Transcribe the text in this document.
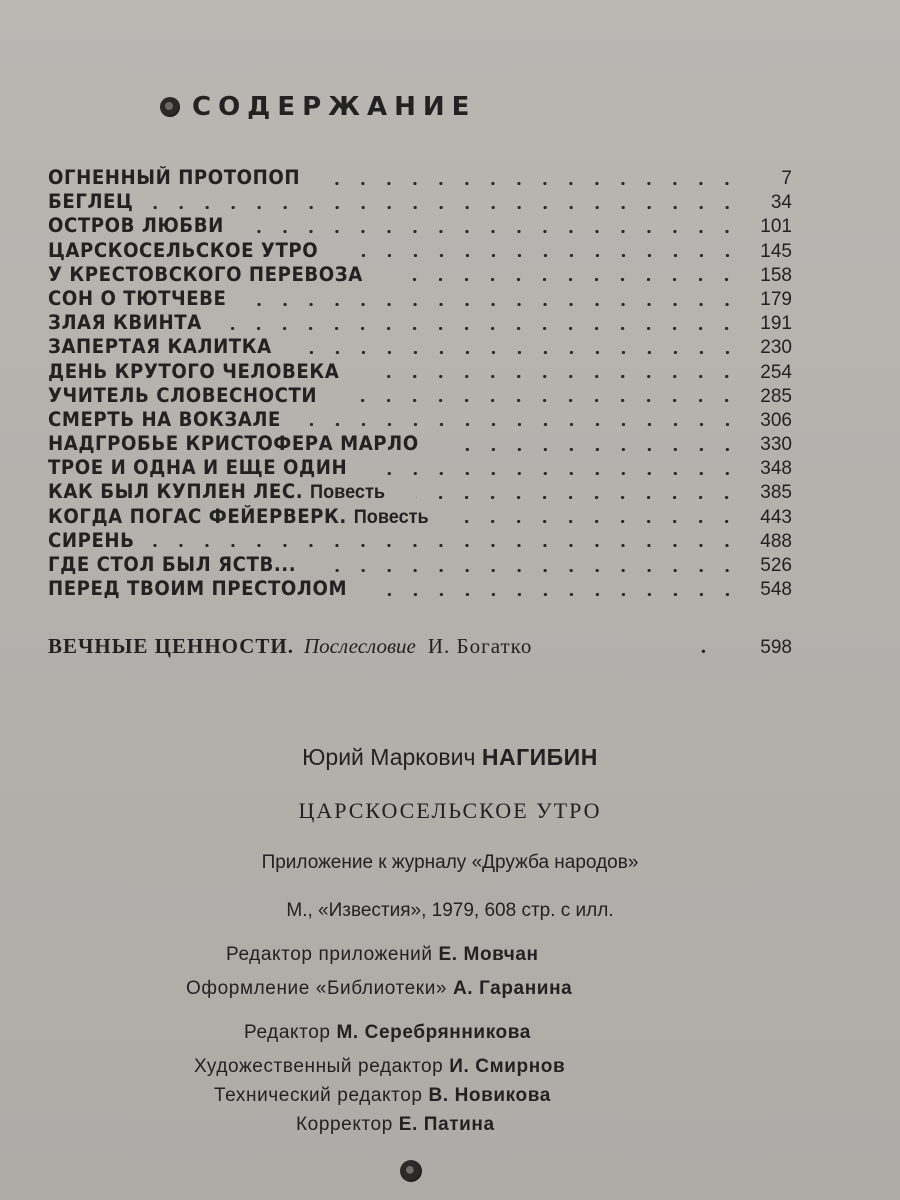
СОДЕРЖАНИЕ
ОГНЕННЫЙ ПРОТОПОП	7
БЕГЛЕЦ	34
ОСТРОВ ЛЮБВИ	101
ЦАРСКОСЕЛЬСКОЕ УТРО	145
У КРЕСТОВСКОГО ПЕРЕВОЗА	158
СОН О ТЮТЧЕВЕ	179
ЗЛАЯ КВИНТА	191
ЗАПЕРТАЯ КАЛИТКА	230
ДЕНЬ КРУТОГО ЧЕЛОВЕКА	254
УЧИТЕЛЬ СЛОВЕСНОСТИ	285
СМЕРТЬ НА ВОКЗАЛЕ	306
НАДГРОБЬЕ КРИСТОФЕРА МАРЛО	330
ТРОЕ И ОДНА И ЕЩЕ ОДИН	348
КАК БЫЛ КУПЛЕН ЛЕС. Повесть	385
КОГДА ПОГАС ФЕЙЕРВЕРК. Повесть	443
СИРЕНЬ	488
ГДЕ СТОЛ БЫЛ ЯСТВ...	526
ПЕРЕД ТВОИМ ПРЕСТОЛОМ	548
ВЕЧНЫЕ ЦЕННОСТИ. Послесловие И. Богатко	.	598
Юрий Маркович НАГИБИН
ЦАРСКОСЕЛЬСКОЕ УТРО
Приложение к журналу «Дружба народов»
М., «Известия», 1979, 608 стр. с илл.
Редактор приложений Е. Мовчан
Оформление «Библиотеки» А. Гаранина
Редактор М. Серебрянникова
Художественный редактор И. Смирнов
Технический редактор В. Новикова
Корректор Е. Патина
